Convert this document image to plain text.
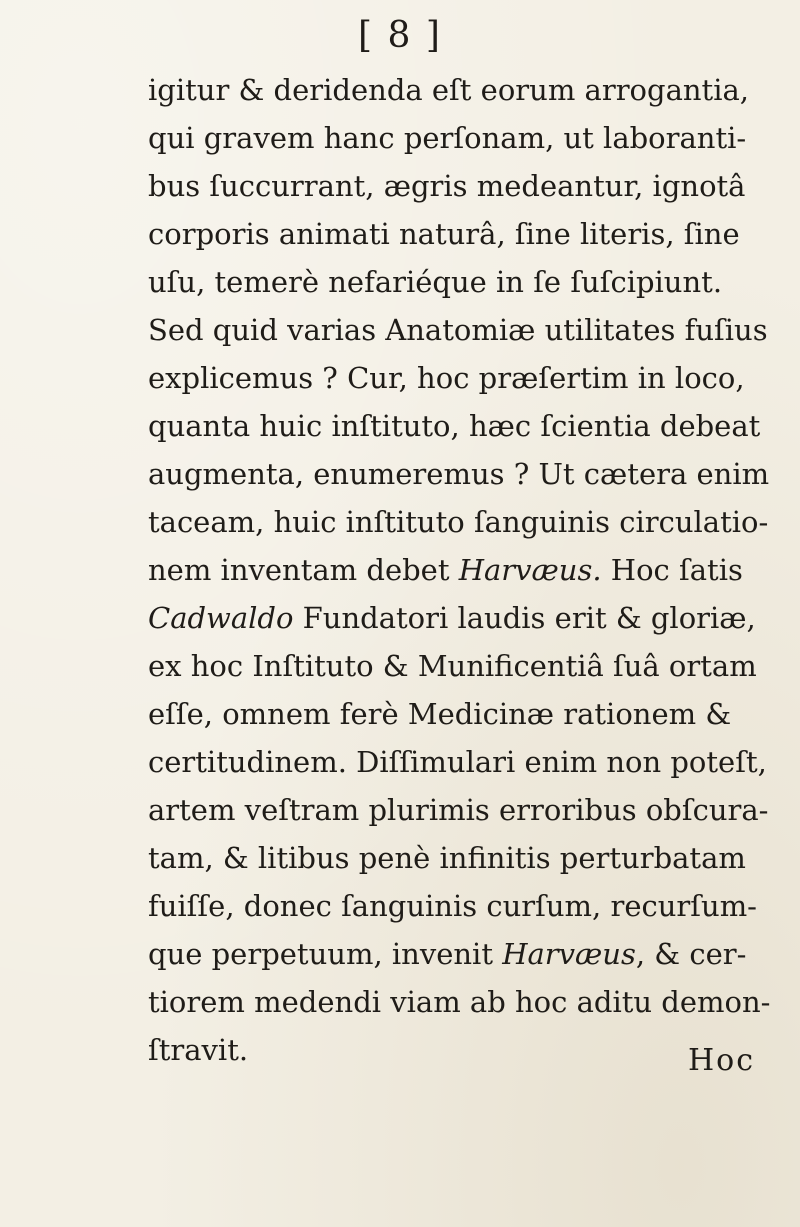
[ 8 ]
igitur & deridenda eſt eorum arrogantia,
qui gravem hanc perſonam, ut laboranti-
bus ſuccurrant, ægris medeantur, ignotâ
corporis animati naturâ, ſine literis, ſine
uſu, temerè nefariéque in ſe ſuſcipiunt.
Sed quid varias Anatomiæ utilitates fuſius
explicemus ? Cur, hoc præſertim in loco,
quanta huic inſtituto, hæc ſcientia debeat
augmenta, enumeremus ? Ut cætera enim
taceam, huic inſtituto ſanguinis circulatio-
nem inventam debet Harvæus. Hoc ſatis
Cadwaldo Fundatori laudis erit & gloriæ,
ex hoc Inſtituto & Munificentiâ ſuâ ortam
eſſe, omnem ferè Medicinæ rationem &
certitudinem. Diſſimulari enim non poteſt,
artem veſtram plurimis erroribus obſcura-
tam, & litibus penè infinitis perturbatam
fuiſſe, donec ſanguinis curſum, recurſum-
que perpetuum, invenit Harvæus, & cer-
tiorem medendi viam ab hoc aditu demon-
ſtravit.	Hoc
